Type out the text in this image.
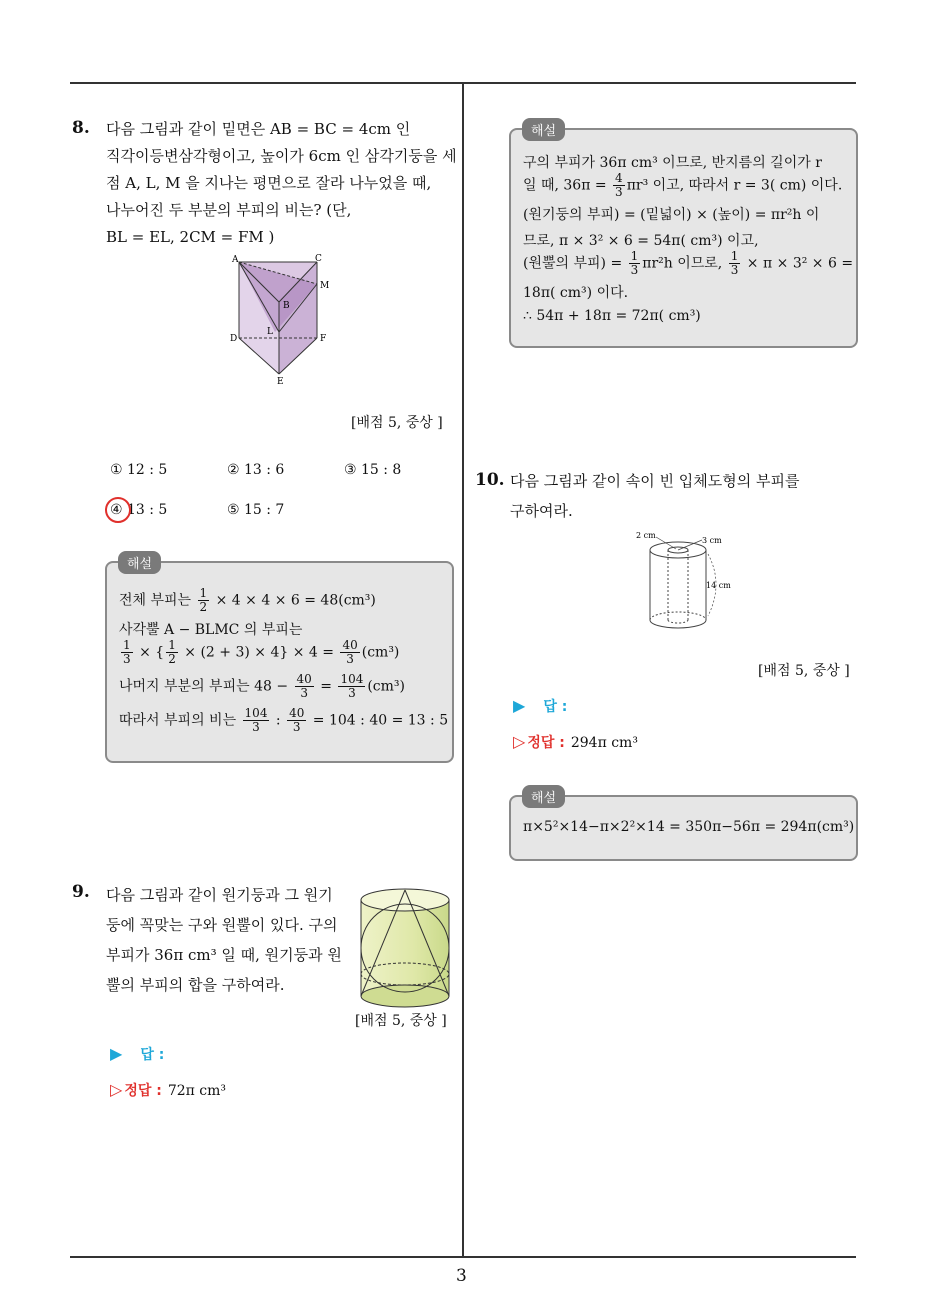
3
8. 다음 그림과 같이 밑면은 AB = BC = 4cm 인
직각이등변삼각형이고, 높이가 6cm 인 삼각기둥을 세
점 A, L, M 을 지나는 평면으로 잘라 나누었을 때,
나누어진 두 부분의 부피의 비는? (단,
BL = EL, 2CM = FM )
A	C
M
B
L
D	F
E
[배점 5, 중상 ]
① 12 : 5	② 13 : 6	③ 15 : 8
④ 13 : 5	⑤ 15 : 7
전체 부피는 $\frac{1}{2} \times 4 \times 4 \times 6 = 48(cm^3)$
사각뿔 A − BLMC 의 부피는
$\frac{1}{3}$ × { $\frac{1}{2} \times (2 + 3) \times 4\} \times 4 = \frac{40}{3} (cm^3)$
나머지 부분의 부피는 $48 - \frac{40}{3} = \frac{104}{3} (cm^3)$
따라서 부피의 비는 $\frac{104}{3}$ : $\frac{40}{3} = 104$ : 40 = 13 : 5
해설
9. 다음 그림과 같이 원기둥과 그 원기
둥에 꼭맞는 구와 원뿔이 있다. 구의
부피가 36π cm³ 일 때, 원기둥과 원
뿔의 부피의 합을 구하여라.
[배점 5, 중상 ]
▶ 답 :
▷ 정답 : 72π cm³
구의 부피가 36π cm³ 이므로, 반지름의 길이가 r
일 때, $36\pi = \frac{4}{3} \pi r^3$ 이고, 따라서 r = 3( cm) 이다.
(원기둥의 부피) = (밑넓이) × (높이) = πr²h 이
므로, π × 3² × 6 = 54π( cm³) 이고,
(원뿔의 부피) = $\frac{1}{3} \pi r^2h$ 이므로, $\frac{1}{3} \times \pi \times 3^2 \times 6$ =
18π( cm³) 이다.
∴ 54π + 18π = 72π( cm³)
해설
10. 다음 그림과 같이 속이 빈 입체도형의 부피를
구하여라.
2 cm
3 cm
14 cm
[배점 5, 중상 ]
▶ 답 :
▷ 정답 : 294π cm³
π×5²×14−π×2²×14 = 350π−56π = 294π(cm³)
해설
